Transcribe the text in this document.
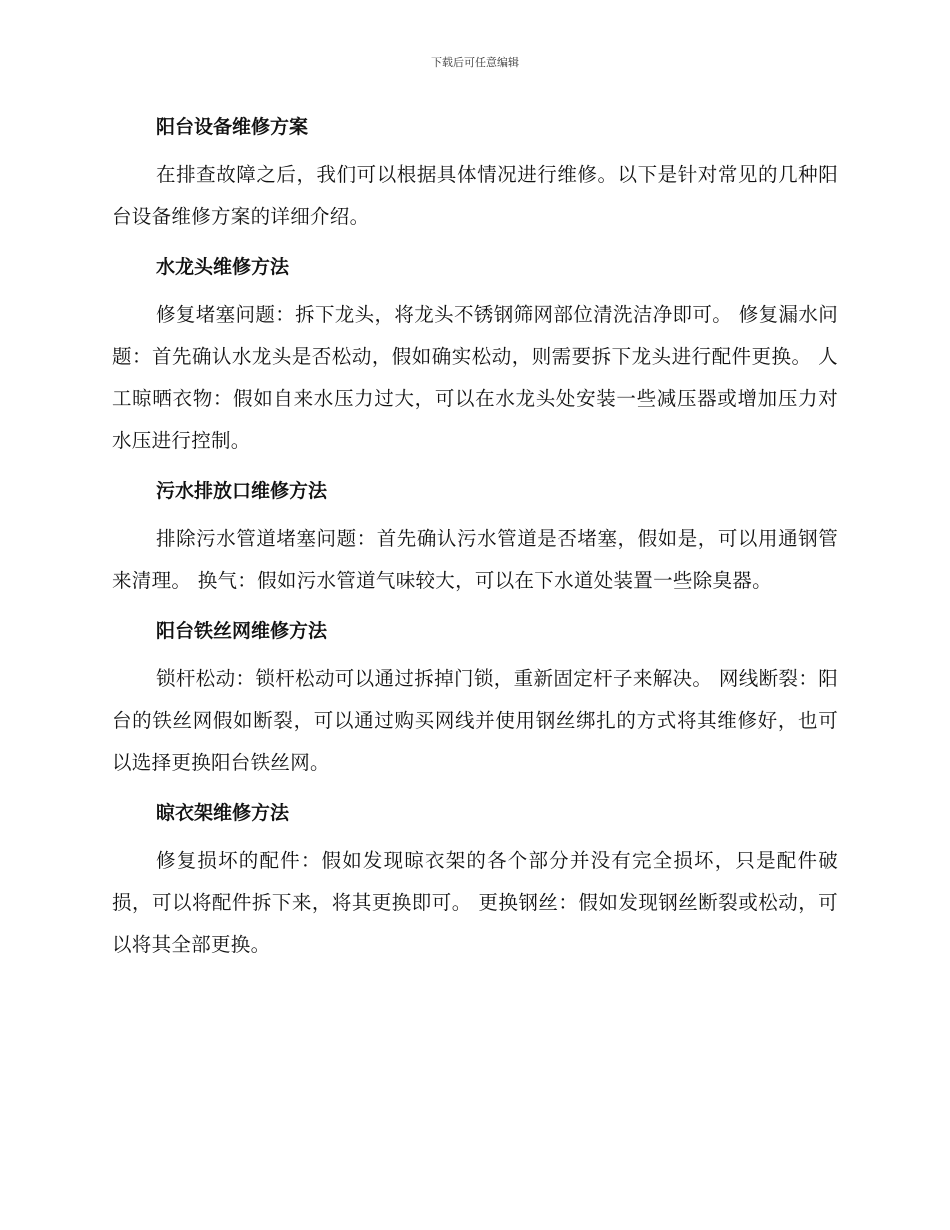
下载后可任意编辑
阳台设备维修方案

在排查故障之后，我们可以根据具体情况进行维修。以下是针对常见的几种阳台设备维修方案的详细介绍。

水龙头维修方法

修复堵塞问题：拆下龙头，将龙头不锈钢筛网部位清洗洁净即可。 修复漏水问题：首先确认水龙头是否松动，假如确实松动，则需要拆下龙头进行配件更换。 人工晾晒衣物：假如自来水压力过大，可以在水龙头处安装一些减压器或增加压力对水压进行控制。

污水排放口维修方法

排除污水管道堵塞问题：首先确认污水管道是否堵塞，假如是，可以用通钢管来清理。 换气：假如污水管道气味较大，可以在下水道处装置一些除臭器。

阳台铁丝网维修方法

锁杆松动：锁杆松动可以通过拆掉门锁，重新固定杆子来解决。 网线断裂：阳台的铁丝网假如断裂，可以通过购买网线并使用钢丝绑扎的方式将其维修好，也可以选择更换阳台铁丝网。

晾衣架维修方法

修复损坏的配件：假如发现晾衣架的各个部分并没有完全损坏，只是配件破损，可以将配件拆下来，将其更换即可。 更换钢丝：假如发现钢丝断裂或松动，可以将其全部更换。
